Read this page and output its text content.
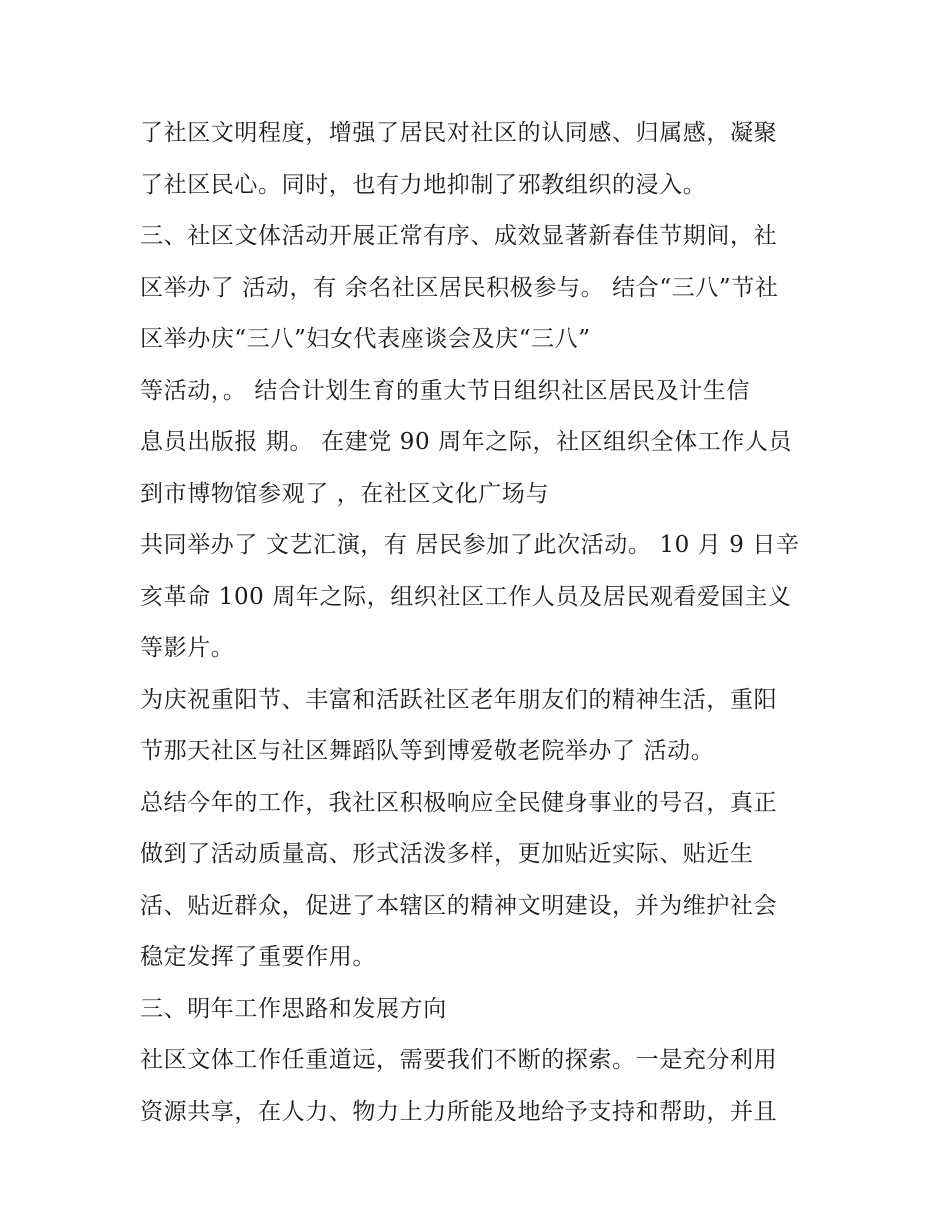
了社区文明程度，增强了居民对社区的认同感、归属感，凝聚

了社区民心。同时，也有力地抑制了邪教组织的浸入。

三、社区文体活动开展正常有序、成效显著新春佳节期间，社

区举办了 活动，有 余名社区居民积极参与。 结合“三八”节社

区举办庆“三八”妇女代表座谈会及庆“三八”

等活动，。 结合计划生育的重大节日组织社区居民及计生信

息员出版报 期。 在建党 90 周年之际，社区组织全体工作人员

到市博物馆参观了 ，在社区文化广场与

共同举办了 文艺汇演，有 居民参加了此次活动。 10 月 9 日辛

亥革命 100 周年之际，组织社区工作人员及居民观看爱国主义

等影片。

为庆祝重阳节、丰富和活跃社区老年朋友们的精神生活，重阳

节那天社区与社区舞蹈队等到博爱敬老院举办了 活动。

总结今年的工作，我社区积极响应全民健身事业的号召，真正

做到了活动质量高、形式活泼多样，更加贴近实际、贴近生

活、贴近群众，促进了本辖区的精神文明建设，并为维护社会

稳定发挥了重要作用。

三、明年工作思路和发展方向

社区文体工作任重道远，需要我们不断的探索。一是充分利用

资源共享，在人力、物力上力所能及地给予支持和帮助，并且
